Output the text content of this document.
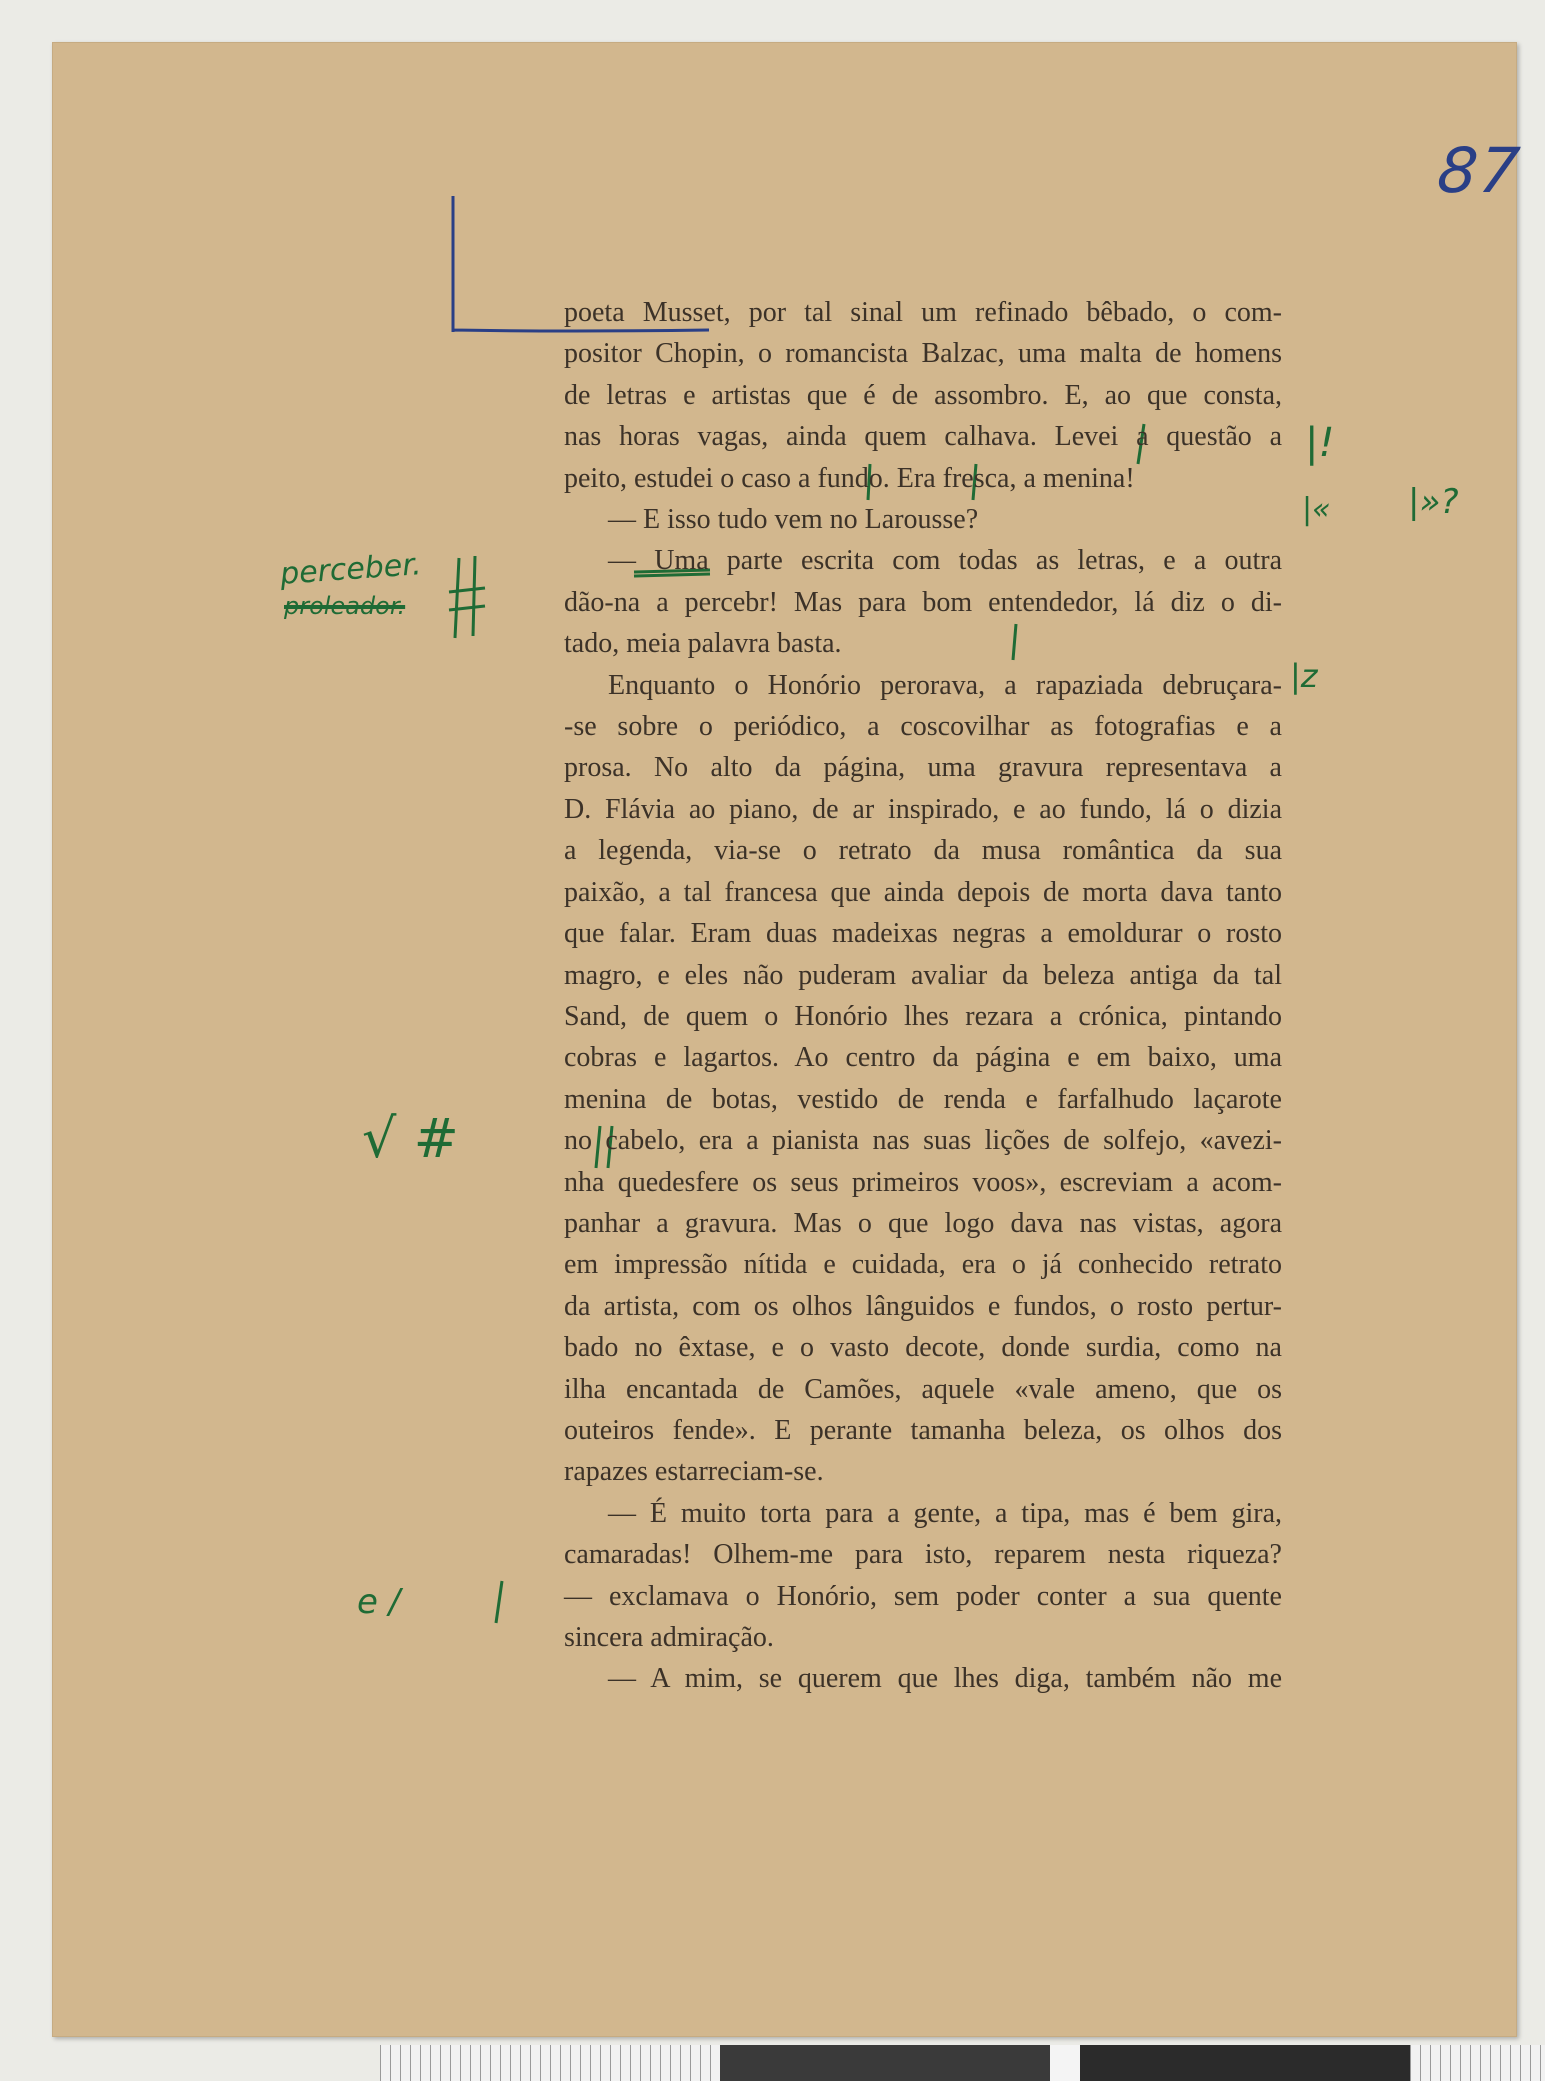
87
|!
|« |»?
|z
perceber.
proleador.
√ #
e /
poeta Musset, por tal sinal um refinado bêbado, o com-
positor Chopin, o romancista Balzac, uma malta de homens
de letras e artistas que é de assombro. E, ao que consta,
nas horas vagas, ainda quem calhava. Levei a questão a
peito, estudei o caso a fundo. Era fresca, a menina!
— E isso tudo vem no Larousse?
— Uma parte escrita com todas as letras, e a outra
dão-na a percebr! Mas para bom entendedor, lá diz o di-
tado, meia palavra basta.
Enquanto o Honório perorava, a rapaziada debruçara-
-se sobre o periódico, a coscovilhar as fotografias e a
prosa. No alto da página, uma gravura representava a
D. Flávia ao piano, de ar inspirado, e ao fundo, lá o dizia
a legenda, via-se o retrato da musa romântica da sua
paixão, a tal francesa que ainda depois de morta dava tanto
que falar. Eram duas madeixas negras a emoldurar o rosto
magro, e eles não puderam avaliar da beleza antiga da tal
Sand, de quem o Honório lhes rezara a crónica, pintando
cobras e lagartos. Ao centro da página e em baixo, uma
menina de botas, vestido de renda e farfalhudo laçarote
no cabelo, era a pianista nas suas lições de solfejo, «avezi-
nha quedesfere os seus primeiros voos», escreviam a acom-
panhar a gravura. Mas o que logo dava nas vistas, agora
em impressão nítida e cuidada, era o já conhecido retrato
da artista, com os olhos lânguidos e fundos, o rosto pertur-
bado no êxtase, e o vasto decote, donde surdia, como na
ilha encantada de Camões, aquele «vale ameno, que os
outeiros fende». E perante tamanha beleza, os olhos dos
rapazes estarreciam-se.
— É muito torta para a gente, a tipa, mas é bem gira,
camaradas! Olhem-me para isto, reparem nesta riqueza?
— exclamava o Honório, sem poder conter a sua quente
sincera admiração.
— A mim, se querem que lhes diga, também não me
